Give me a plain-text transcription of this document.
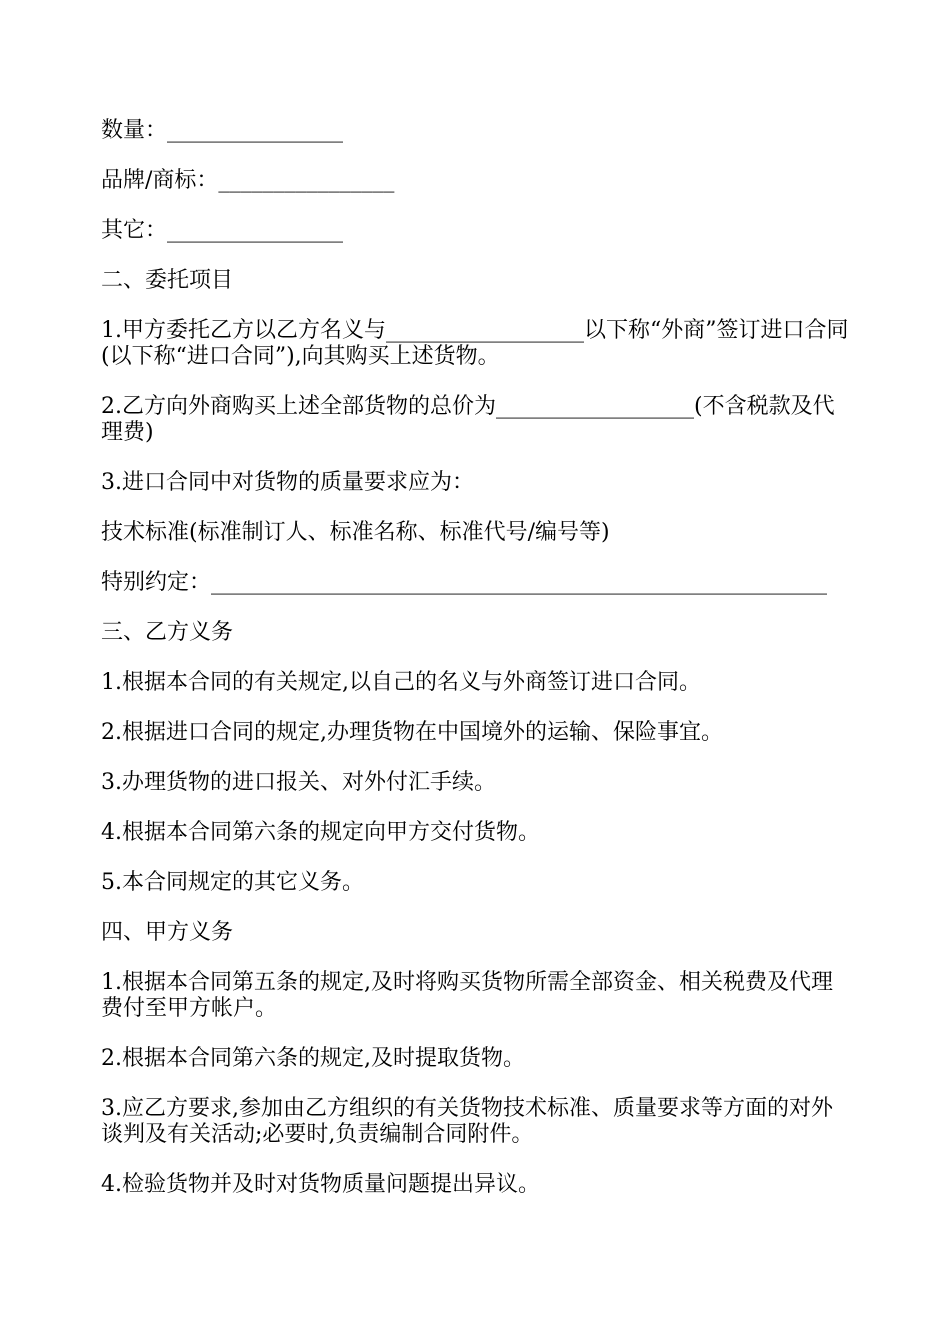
数量：________________

品牌/商标：________________

其它：________________

二、委托项目

1.甲方委托乙方以乙方名义与__________________以下称“外商”签订进口合同(以下称“进口合同”),向其购买上述货物。

2.乙方向外商购买上述全部货物的总价为__________________(不含税款及代理费)

3.进口合同中对货物的质量要求应为：

技术标准(标准制订人、标准名称、标准代号/编号等)

特别约定：________________________________________________________

三、乙方义务

1.根据本合同的有关规定,以自己的名义与外商签订进口合同。

2.根据进口合同的规定,办理货物在中国境外的运输、保险事宜。

3.办理货物的进口报关、对外付汇手续。

4.根据本合同第六条的规定向甲方交付货物。

5.本合同规定的其它义务。

四、甲方义务

1.根据本合同第五条的规定,及时将购买货物所需全部资金、相关税费及代理费付至甲方帐户。

2.根据本合同第六条的规定,及时提取货物。

3.应乙方要求,参加由乙方组织的有关货物技术标准、质量要求等方面的对外谈判及有关活动;必要时,负责编制合同附件。

4.检验货物并及时对货物质量问题提出异议。
